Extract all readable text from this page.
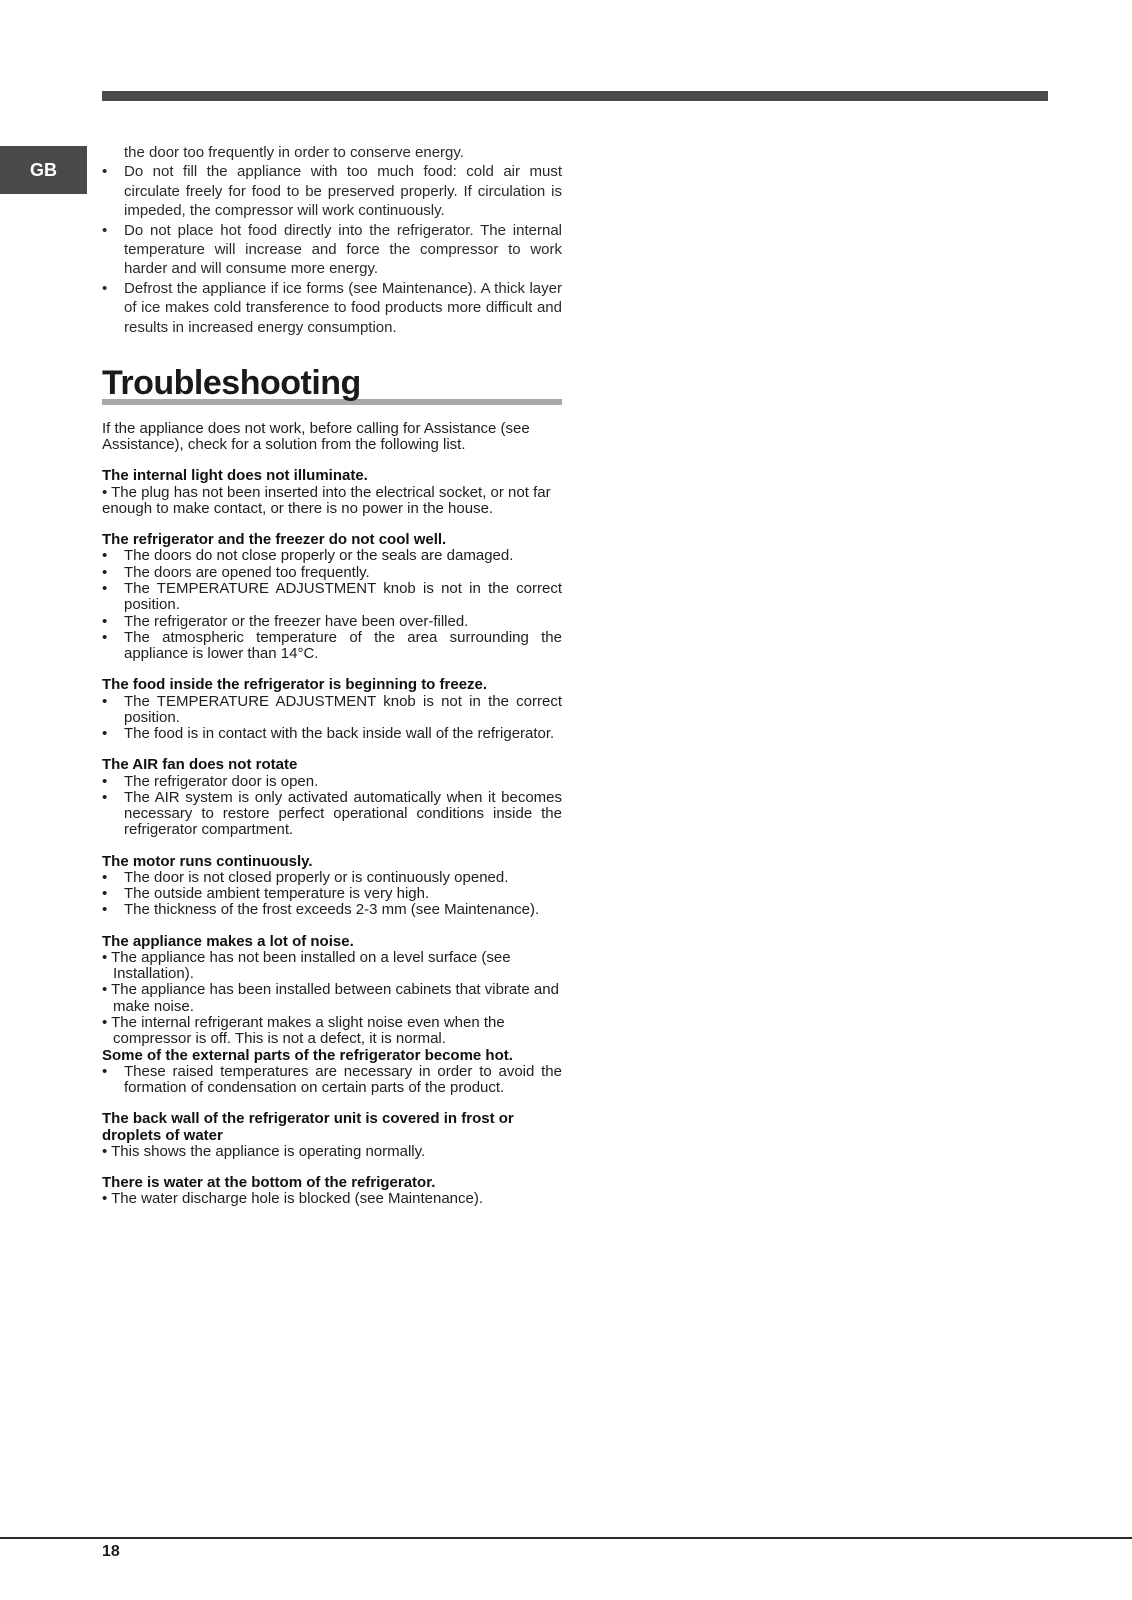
GB
the door too frequently in order to conserve energy.
•	Do not fill the appliance with too much food: cold air must circulate freely for food to be preserved properly. If circulation is impeded, the compressor will work continuously.
•	Do not place hot food directly into the refrigerator. The internal temperature will increase and force the compressor to work harder and will consume more energy.
•	Defrost the appliance if ice forms (see Maintenance). A thick layer of ice makes cold transference to food products more difficult and results in increased energy consumption.
Troubleshooting
If the appliance does not work, before calling for Assistance (see Assistance), check for a solution from the following list.
The internal light does not illuminate.
• The plug has not been inserted into the electrical socket, or not far enough to make contact, or there is no power in the house.
The refrigerator and the freezer do not cool well.
•	The doors do not close properly or the seals are damaged.
•	The doors are opened too frequently.
•	The TEMPERATURE ADJUSTMENT knob is not in the correct position.
•	The refrigerator or the freezer have been over-filled.
•	The atmospheric temperature of the area surrounding the appliance is lower than 14°C.
The food inside the refrigerator is beginning to freeze.
•	The TEMPERATURE ADJUSTMENT knob is not in the correct position.
•	The food is in contact with the back inside wall of the refrigerator.
The AIR fan does not rotate
•	The refrigerator door is open.
•	The AIR system is only activated automatically when it becomes necessary to restore perfect operational conditions inside the refrigerator compartment.
The motor runs continuously.
•	The door is not closed properly or is continuously opened.
•	The outside ambient temperature is very high.
•	The thickness of the frost exceeds 2-3 mm (see Maintenance).
The appliance makes a lot of noise.
• The appliance has not been installed on a level surface (see Installation).
• The appliance has been installed between cabinets that vibrate and make noise.
• The internal refrigerant makes a slight noise even when the compressor is off. This is not a defect, it is normal.
Some of the external parts of the refrigerator become hot.
•	These raised temperatures are necessary in order to avoid the formation of condensation on certain parts of the product.
The back wall of the refrigerator unit is covered in frost or droplets of water
• This shows the appliance is operating normally.
There is water at the bottom of the refrigerator.
• The water discharge hole is blocked (see Maintenance).
18
